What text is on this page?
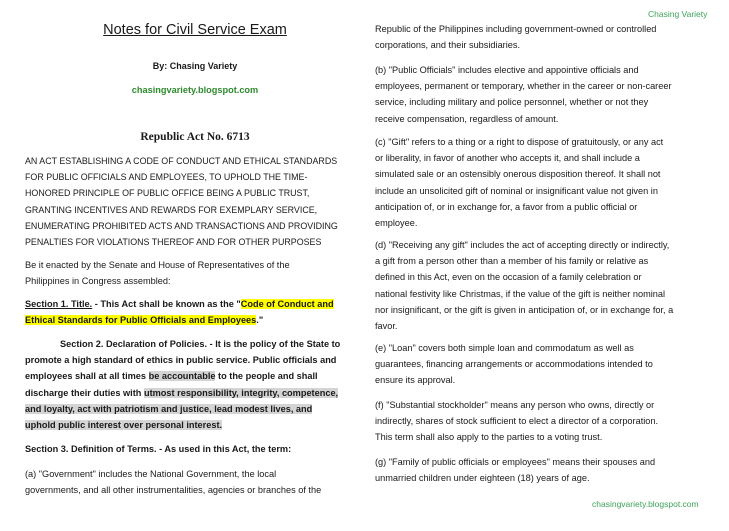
Chasing Variety
Notes for Civil Service Exam
By: Chasing Variety
chasingvariety.blogspot.com
Republic Act No. 6713
AN ACT ESTABLISHING A CODE OF CONDUCT AND ETHICAL STANDARDS
FOR PUBLIC OFFICIALS AND EMPLOYEES, TO UPHOLD THE TIME-
HONORED PRINCIPLE OF PUBLIC OFFICE BEING A PUBLIC TRUST,
GRANTING INCENTIVES AND REWARDS FOR EXEMPLARY SERVICE,
ENUMERATING PROHIBITED ACTS AND TRANSACTIONS AND PROVIDING
PENALTIES FOR VIOLATIONS THEREOF AND FOR OTHER PURPOSES
Be it enacted by the Senate and House of Representatives of the
Philippines in Congress assembled:
Section 1. Title. - This Act shall be known as the "Code of Conduct and
Ethical Standards for Public Officials and Employees."
Section 2. Declaration of Policies. - It is the policy of the State to
promote a high standard of ethics in public service. Public officials and
employees shall at all times be accountable to the people and shall
discharge their duties with utmost responsibility, integrity, competence,
and loyalty, act with patriotism and justice, lead modest lives, and
uphold public interest over personal interest.
Section 3. Definition of Terms. - As used in this Act, the term:
(a) "Government" includes the National Government, the local
governments, and all other instrumentalities, agencies or branches of the
Republic of the Philippines including government-owned or controlled
corporations, and their subsidiaries.
(b) "Public Officials" includes elective and appointive officials and
employees, permanent or temporary, whether in the career or non-career
service, including military and police personnel, whether or not they
receive compensation, regardless of amount.
(c) "Gift" refers to a thing or a right to dispose of gratuitously, or any act
or liberality, in favor of another who accepts it, and shall include a
simulated sale or an ostensibly onerous disposition thereof. It shall not
include an unsolicited gift of nominal or insignificant value not given in
anticipation of, or in exchange for, a favor from a public official or
employee.
(d) "Receiving any gift" includes the act of accepting directly or indirectly,
a gift from a person other than a member of his family or relative as
defined in this Act, even on the occasion of a family celebration or
national festivity like Christmas, if the value of the gift is neither nominal
nor insignificant, or the gift is given in anticipation of, or in exchange for, a
favor.
(e) "Loan" covers both simple loan and commodatum as well as
guarantees, financing arrangements or accommodations intended to
ensure its approval.
(f) "Substantial stockholder" means any person who owns, directly or
indirectly, shares of stock sufficient to elect a director of a corporation.
This term shall also apply to the parties to a voting trust.
(g) "Family of public officials or employees" means their spouses and
unmarried children under eighteen (18) years of age.
chasingvariety.blogspot.com
